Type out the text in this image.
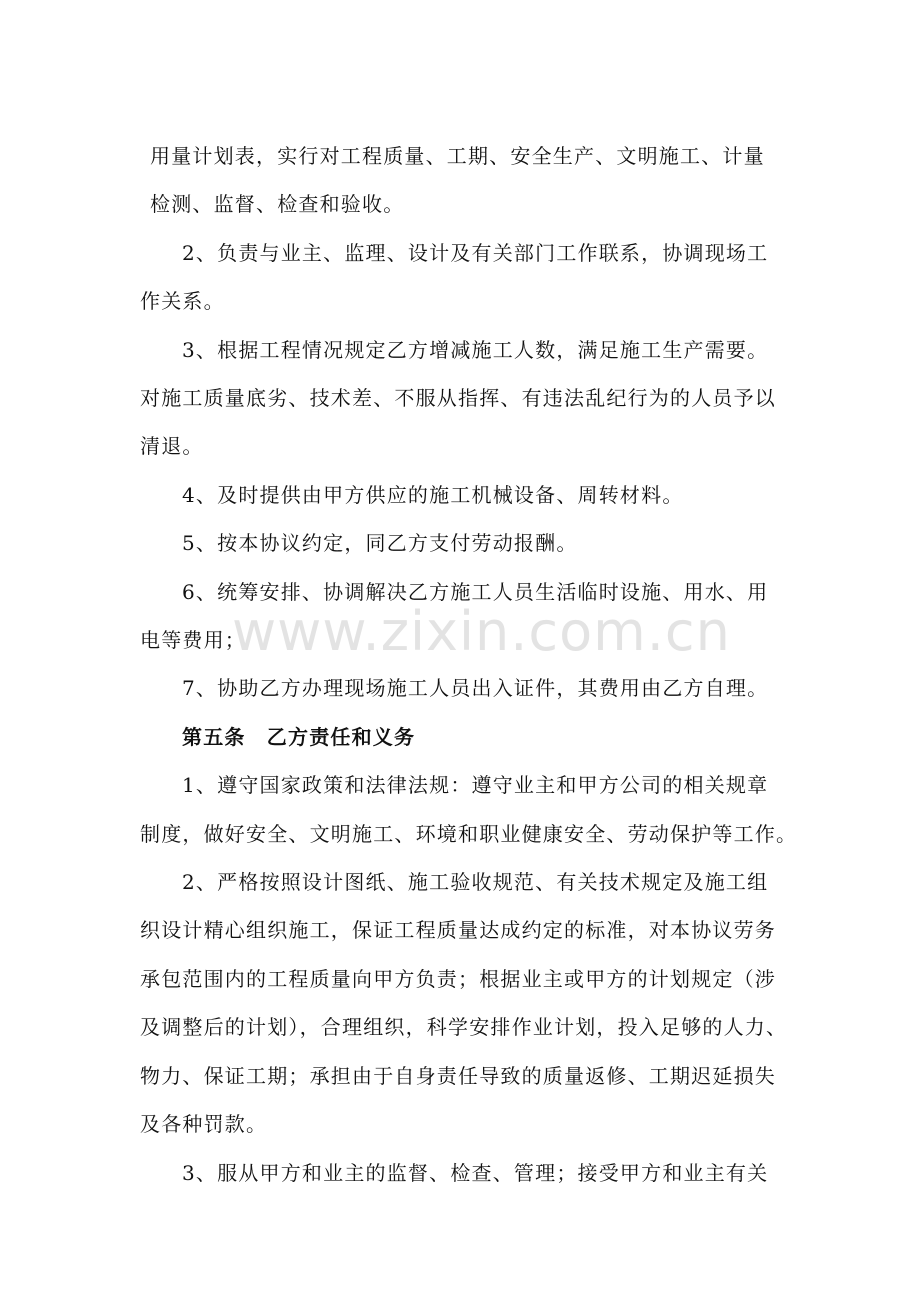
www.zixin.com.cn

用量计划表，实行对工程质量、工期、安全生产、文明施工、计量

检测、监督、检查和验收。

2、负责与业主、监理、设计及有关部门工作联系，协调现场工

作关系。

3、根据工程情况规定乙方增减施工人数，满足施工生产需要。

对施工质量底劣、技术差、不服从指挥、有违法乱纪行为的人员予以

清退。

4、及时提供由甲方供应的施工机械设备、周转材料。

5、按本协议约定，同乙方支付劳动报酬。

6、统筹安排、协调解决乙方施工人员生活临时设施、用水、用

电等费用；

7、协助乙方办理现场施工人员出入证件，其费用由乙方自理。

第五条　乙方责任和义务

1、遵守国家政策和法律法规：遵守业主和甲方公司的相关规章

制度，做好安全、文明施工、环境和职业健康安全、劳动保护等工作。

2、严格按照设计图纸、施工验收规范、有关技术规定及施工组

织设计精心组织施工，保证工程质量达成约定的标准，对本协议劳务

承包范围内的工程质量向甲方负责；根据业主或甲方的计划规定（涉

及调整后的计划），合理组织，科学安排作业计划，投入足够的人力、

物力、保证工期；承担由于自身责任导致的质量返修、工期迟延损失

及各种罚款。

3、服从甲方和业主的监督、检查、管理；接受甲方和业主有关
